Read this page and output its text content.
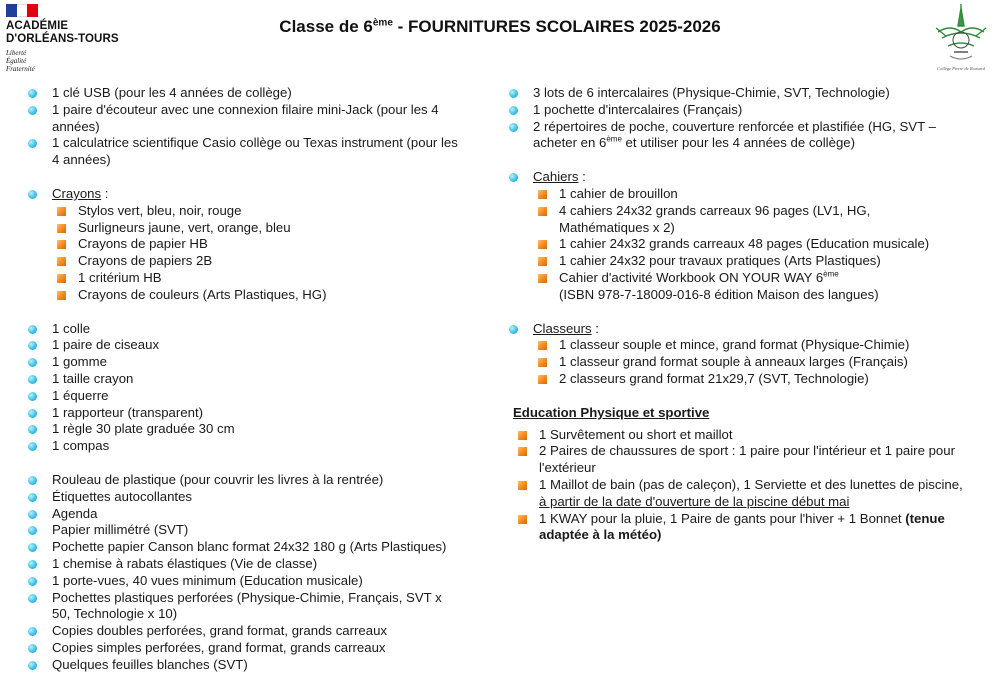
ACADÉMIE
D'ORLÉANS-TOURS
Liberté
Égalité
Fraternité
Classe de 6ème - FOURNITURES SCOLAIRES 2025-2026
Collège Pierre de Ronsard
1 clé USB (pour les 4 années de collège)
1 paire d'écouteur avec une connexion filaire mini-Jack (pour les 4 années)
1 calculatrice scientifique Casio collège ou Texas instrument (pour les 4 années)
Crayons :
Stylos vert, bleu, noir, rouge
Surligneurs jaune, vert, orange, bleu
Crayons de papier HB
Crayons de papiers 2B
1 critérium HB
Crayons de couleurs (Arts Plastiques, HG)
1 colle
1 paire de ciseaux
1 gomme
1 taille crayon
1 équerre
1 rapporteur (transparent)
1 règle 30 plate graduée 30 cm
1 compas
Rouleau de plastique (pour couvrir les livres à la rentrée)
Étiquettes autocollantes
Agenda
Papier millimétré (SVT)
Pochette papier Canson blanc format 24x32 180 g (Arts Plastiques)
1 chemise à rabats élastiques (Vie de classe)
1 porte-vues, 40 vues minimum (Education musicale)
Pochettes plastiques perforées (Physique-Chimie, Français, SVT x 50, Technologie x 10)
Copies doubles perforées, grand format, grands carreaux
Copies simples perforées, grand format, grands carreaux
Quelques feuilles blanches (SVT)
3 lots de 6 intercalaires (Physique-Chimie, SVT, Technologie)
1 pochette d'intercalaires (Français)
2 répertoires de poche, couverture renforcée et plastifiée (HG, SVT – acheter en 6ème et utiliser pour les 4 années de collège)
Cahiers :
1 cahier de brouillon
4 cahiers 24x32 grands carreaux 96 pages (LV1, HG, Mathématiques x 2)
1 cahier 24x32 grands carreaux 48 pages (Education musicale)
1 cahier 24x32 pour travaux pratiques (Arts Plastiques)
Cahier d'activité Workbook ON YOUR WAY 6ème
(ISBN 978-7-18009-016-8 édition Maison des langues)
Classeurs :
1 classeur souple et mince, grand format (Physique-Chimie)
1 classeur grand format souple à anneaux larges (Français)
2 classeurs grand format 21x29,7 (SVT, Technologie)
Education Physique et sportive
1 Survêtement ou short et maillot
2 Paires de chaussures de sport : 1 paire pour l'intérieur et 1 paire pour l'extérieur
1 Maillot de bain (pas de caleçon), 1 Serviette et des lunettes de piscine, à partir de la date d'ouverture de la piscine début mai
1 KWAY pour la pluie, 1 Paire de gants pour l'hiver + 1 Bonnet (tenue adaptée à la météo)
